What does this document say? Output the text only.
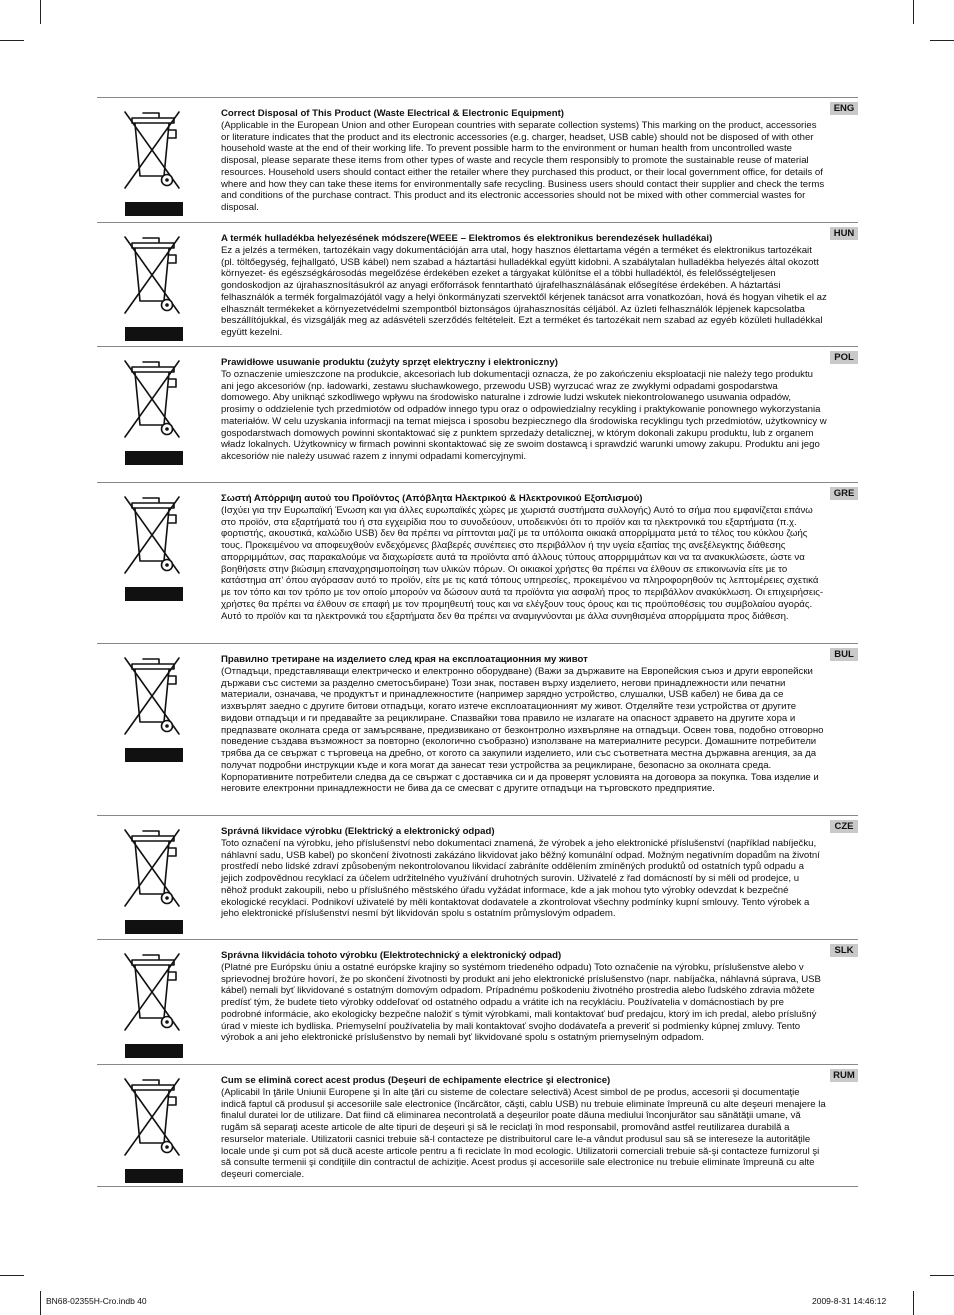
ENG
Correct Disposal of This Product (Waste Electrical & Electronic Equipment)
(Applicable in the European Union and other European countries with separate collection systems) This marking on the product, accessories or literature indicates that the product and its electronic accessories (e.g. charger, headset, USB cable) should not be disposed of with other household waste at the end of their working life. To prevent possible harm to the environment or human health from uncontrolled waste disposal, please separate these items from other types of waste and recycle them responsibly to promote the sustainable reuse of material resources. Household users should contact either the retailer where they purchased this product, or their local government office, for details of where and how they can take these items for environmentally safe recycling. Business users should contact their supplier and check the terms and conditions of the purchase contract. This product and its electronic accessories should not be mixed with other commercial wastes for disposal.
HUN
A termék hulladékba helyezésének módszere(WEEE – Elektromos és elektronikus berendezések hulladékai)
Ez a jelzés a terméken, tartozékain vagy dokumentációján arra utal, hogy hasznos élettartama végén a terméket és elektronikus tartozékait (pl. töltőegység, fejhallgató, USB kábel) nem szabad a háztartási hulladékkal együtt kidobni. A szabálytalan hulladékba helyezés által okozott környezet- és egészségkárosodás megelőzése érdekében ezeket a tárgyakat különítse el a többi hulladéktól, és felelősségteljesen gondoskodjon az újrahasznosításukról az anyagi erőforrások fenntartható újrafelhasználásának elősegítése érdekében. A háztartási felhasználók a termék forgalmazójától vagy a helyi önkormányzati szervektől kérjenek tanácsot arra vonatkozóan, hová és hogyan vihetik el az elhasznált termékeket a környezetvédelmi szempontból biztonságos újrahasznosítás céljából. Az üzleti felhasználók lépjenek kapcsolatba beszállítójukkal, és vizsgálják meg az adásvételi szerződés feltételeit. Ezt a terméket és tartozékait nem szabad az egyéb közületi hulladékkal együtt kezelni.
POL
Prawidłowe usuwanie produktu (zużyty sprzęt elektryczny i elektroniczny)
To oznaczenie umieszczone na produkcie, akcesoriach lub dokumentacji oznacza, że po zakończeniu eksploatacji nie należy tego produktu ani jego akcesoriów (np. ładowarki, zestawu słuchawkowego, przewodu USB) wyrzucać wraz ze zwykłymi odpadami gospodarstwa domowego. Aby uniknąć szkodliwego wpływu na środowisko naturalne i zdrowie ludzi wskutek niekontrolowanego usuwania odpadów, prosimy o oddzielenie tych przedmiotów od odpadów innego typu oraz o odpowiedzialny recykling i praktykowanie ponownego wykorzystania materiałów. W celu uzyskania informacji na temat miejsca i sposobu bezpiecznego dla środowiska recyklingu tych przedmiotów, użytkownicy w gospodarstwach domowych powinni skontaktować się z punktem sprzedaży detalicznej, w którym dokonali zakupu produktu, lub z organem władz lokalnych. Użytkownicy w firmach powinni skontaktować się ze swoim dostawcą i sprawdzić warunki umowy zakupu. Produktu ani jego akcesoriów nie należy usuwać razem z innymi odpadami komercyjnymi.
GRE
Σωστή Απόρριψη αυτού του Προϊόντος (Απόβλητα Ηλεκτρικού & Ηλεκτρονικού Εξοπλισμού)
(Ισχύει για την Ευρωπαϊκή Ένωση και για άλλες ευρωπαϊκές χώρες με χωριστά συστήματα συλλογής) Αυτό το σήμα που εμφανίζεται επάνω στο προϊόν, στα εξαρτήματά του ή στα εγχειρίδια που το συνοδεύουν, υποδεικνύει ότι το προϊόν και τα ηλεκτρονικά του εξαρτήματα (π.χ. φορτιστής, ακουστικά, καλώδιο USB) δεν θα πρέπει να ρίπτονται μαζί με τα υπόλοιπα οικιακά απορρίμματα μετά το τέλος του κύκλου ζωής τους. Προκειμένου να αποφευχθούν ενδεχόμενες βλαβερές συνέπειες στο περιβάλλον ή την υγεία εξαιτίας της ανεξέλεγκτης διάθεσης απορριμμάτων, σας παρακαλούμε να διαχωρίσετε αυτά τα προϊόντα από άλλους τύπους απορριμμάτων και να τα ανακυκλώσετε, ώστε να βοηθήσετε στην βιώσιμη επαναχρησιμοποίηση των υλικών πόρων. Οι οικιακοί χρήστες θα πρέπει να έλθουν σε επικοινωνία είτε με το κατάστημα απ' όπου αγόρασαν αυτό το προϊόν, είτε με τις κατά τόπους υπηρεσίες, προκειμένου να πληροφορηθούν τις λεπτομέρειες σχετικά με τον τόπο και τον τρόπο με τον οποίο μπορούν να δώσουν αυτά τα προϊόντα για ασφαλή προς το περιβάλλον ανακύκλωση. Οι επιχειρήσεις-χρήστες θα πρέπει να έλθουν σε επαφή με τον προμηθευτή τους και να ελέγξουν τους όρους και τις προϋποθέσεις του συμβολαίου αγοράς. Αυτό το προϊόν και τα ηλεκτρονικά του εξαρτήματα δεν θα πρέπει να αναμιγνύονται με άλλα συνηθισμένα απορρίμματα προς διάθεση.
BUL
Правилно третиране на изделието след края на експлоатационния му живот
(Отпадъци, представляващи електрическо и електронно оборудване) (Важи за държавите на Европейския съюз и други европейски държави със системи за разделно сметосъбиране) Този знак, поставен върху изделието, негови принадлежности или печатни материали, означава, че продуктът и принадлежностите (например зарядно устройство, слушалки, USB кабел) не бива да се изхвърлят заедно с другите битови отпадъци, когато изтече експлоатационният му живот. Отделяйте тези устройства от другите видови отпадъци и ги предавайте за рециклиране. Спазвайки това правило не излагате на опасност здравето на другите хора и предпазвате околната среда от замърсяване, предизвикано от безконтролно изхвърляне на отпадъци. Освен това, подобно отговорно поведение създава възможност за повторно (екологично съобразно) използване на материалните ресурси. Домашните потребители трябва да се свържат с търговеца на дребно, от когото са закупили изделието, или със съответната местна държавна агенция, за да получат подробни инструкции къде и кога могат да занесат тези устройства за рециклиране, безопасно за околната среда. Корпоративните потребители следва да се свържат с доставчика си и да проверят условията на договора за покупка. Това изделие и неговите електронни принадлежности не бива да се смесват с другите отпадъци на търговското предприятие.
CZE
Správná likvidace výrobku (Elektrický a elektronický odpad)
Toto označení na výrobku, jeho příslušenství nebo dokumentaci znamená, že výrobek a jeho elektronické příslušenství (například nabíječku, náhlavní sadu, USB kabel) po skončení životnosti zakázáno likvidovat jako běžný komunální odpad. Možným negativním dopadům na životní prostředí nebo lidské zdraví způsobeným nekontrolovanou likvidací zabráníte oddělením zmíněných produktů od ostatních typů odpadu a jejich zodpovědnou recyklací za účelem udržitelného využívání druhotných surovin. Uživatelé z řad domácností by si měli od prodejce, u něhož produkt zakoupili, nebo u příslušného městského úřadu vyžádat informace, kde a jak mohou tyto výrobky odevzdat k bezpečné ekologické recyklaci. Podnikoví uživatelé by měli kontaktovat dodavatele a zkontrolovat všechny podmínky kupní smlouvy. Tento výrobek a jeho elektronické příslušenství nesmí být likvidován spolu s ostatním průmyslovým odpadem.
SLK
Správna likvidácia tohoto výrobku (Elektrotechnický a elektronický odpad)
(Platné pre Európsku úniu a ostatné európske krajiny so systémom triedeného odpadu) Toto označenie na výrobku, príslušenstve alebo v sprievodnej brožúre hovorí, že po skončení životnosti by produkt ani jeho elektronické príslušenstvo (napr. nabíjačka, náhlavná súprava, USB kábel) nemali byť likvidované s ostatným domovým odpadom. Prípadnému poškodeniu životného prostredia alebo ľudského zdravia môžete predísť tým, že budete tieto výrobky oddeľovať od ostatného odpadu a vrátite ich na recykláciu. Používatelia v domácnostiach by pre podrobné informácie, ako ekologicky bezpečne naložiť s týmit výrobkami, mali kontaktovať buď predajcu, ktorý im ich predal, alebo príslušný úrad v mieste ich bydliska. Priemyselní používatelia by mali kontaktovať svojho dodávateľa a preveriť si podmienky kúpnej zmluvy. Tento výrobok a ani jeho elektronické príslušenstvo by nemali byť likvidované spolu s ostatným priemyselným odpadom.
RUM
Cum se elimină corect acest produs (Deşeuri de echipamente electrice şi electronice)
(Aplicabil în ţările Uniunii Europene şi în alte ţări cu sisteme de colectare selectivă) Acest simbol de pe produs, accesorii şi documentaţie indică faptul că produsul şi accesoriile sale electronice (încărcător, căşti, cablu USB) nu trebuie eliminate împreună cu alte deşeuri menajere la finalul duratei lor de utilizare. Dat fiind că eliminarea necontrolată a deşeurilor poate dăuna mediului înconjurător sau sănătăţii umane, vă rugăm să separaţi aceste articole de alte tipuri de deşeuri şi să le reciclaţi în mod responsabil, promovând astfel reutilizarea durabilă a resurselor materiale. Utilizatorii casnici trebuie să-l contacteze pe distribuitorul care le-a vândut produsul sau să se intereseze la autorităţile locale unde şi cum pot să ducă aceste articole pentru a fi reciclate în mod ecologic. Utilizatorii comerciali trebuie să-şi contacteze furnizorul şi să consulte termenii şi condiţiile din contractul de achiziţie. Acest produs şi accesoriile sale electronice nu trebuie eliminate împreună cu alte deşeuri comerciale.
BN68-02355H-Cro.indb 40	2009-8-31 14:46:12
